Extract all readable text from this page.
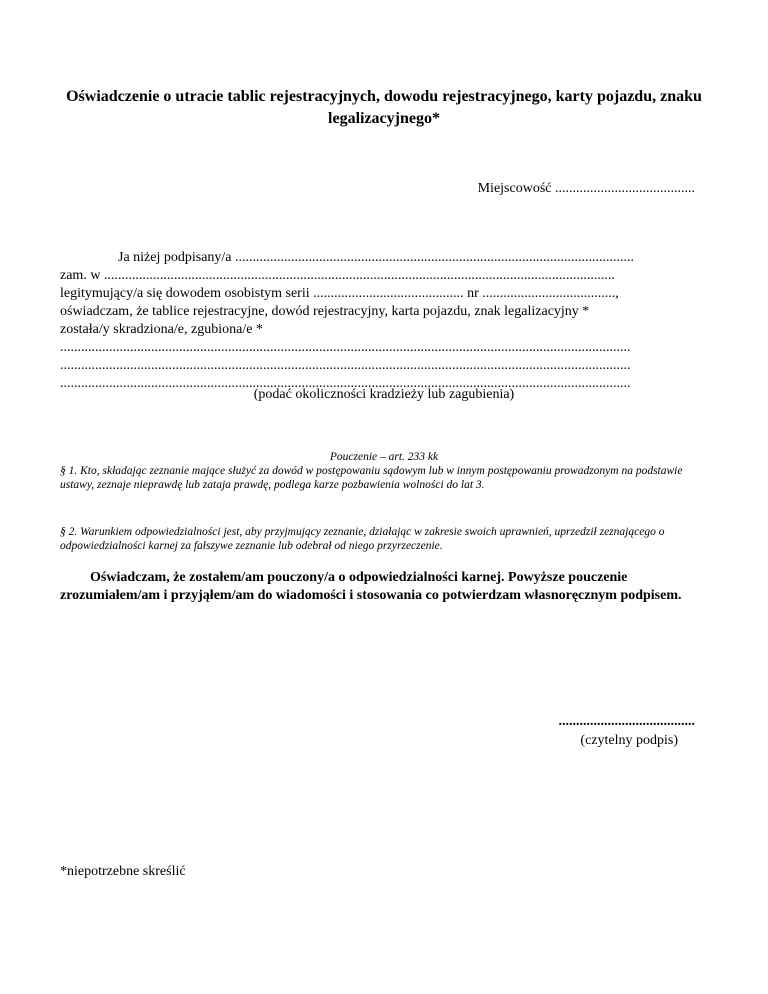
Oświadczenie o utracie tablic rejestracyjnych, dowodu rejestracyjnego, karty pojazdu, znaku legalizacyjnego*
Miejscowość ........................................
Ja niżej podpisany/a ..................................................................................................................
zam. w ..................................................................................................................................................
legitymujący/a się dowodem osobistym serii ........................................... nr ......................................,
oświadczam, że tablice rejestracyjne, dowód rejestracyjny, karta pojazdu, znak legalizacyjny *
została/y skradziona/e, zgubiona/e *
...................................................................................................................................................................
...................................................................................................................................................................
...................................................................................................................................................................
(podać okoliczności kradzieży lub zagubienia)
Pouczenie – art. 233 kk
§ 1. Kto, składając zeznanie mające służyć za dowód w postępowaniu sądowym lub w innym postępowaniu prowadzonym na podstawie ustawy, zeznaje nieprawdę lub zataja prawdę, podlega karze pozbawienia wolności do lat 3.
§ 2. Warunkiem odpowiedzialności jest, aby przyjmujący zeznanie, działając w zakresie swoich uprawnień, uprzedził zeznającego o odpowiedzialności karnej za fałszywe zeznanie lub odebrał od niego przyrzeczenie.
Oświadczam, że zostałem/am pouczony/a o odpowiedzialności karnej. Powyższe pouczenie zrozumiałem/am i przyjąłem/am do wiadomości i stosowania co potwierdzam własnoręcznym podpisem.
.......................................
(czytelny podpis)
*niepotrzebne skreślić
